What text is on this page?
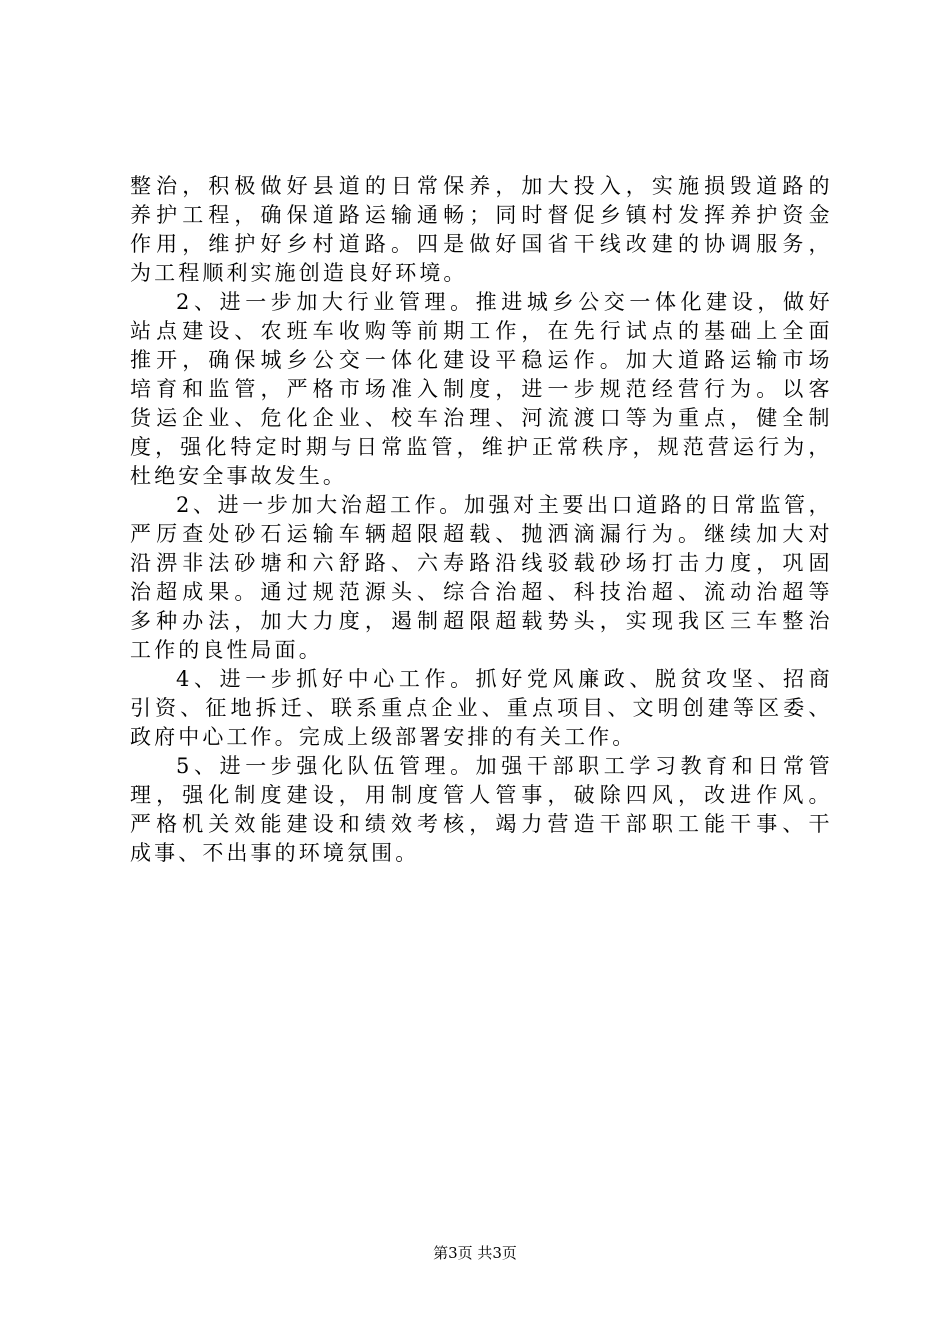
整 治 ， 积 极 做 好 县 道 的 日 常 保 养 ， 加 大 投 入 ， 实 施 损 毁 道 路 的
养 护 工 程 ， 确 保 道 路 运 输 通 畅 ； 同 时 督 促 乡 镇 村 发 挥 养 护 资 金
作 用 ， 维 护 好 乡 村 道 路 。 四 是 做 好 国 省 干 线 改 建 的 协 调 服 务 ，
为 工 程 顺 利 实 施 创 造 良 好 环 境 。
2 、 进 一 步 加 大 行 业 管 理 。 推 进 城 乡 公 交 一 体 化 建 设 ， 做 好
站 点 建 设 、 农 班 车 收 购 等 前 期 工 作 ， 在 先 行 试 点 的 基 础 上 全 面
推 开 ， 确 保 城 乡 公 交 一 体 化 建 设 平 稳 运 作 。 加 大 道 路 运 输 市 场
培 育 和 监 管 ， 严 格 市 场 准 入 制 度 ， 进 一 步 规 范 经 营 行 为 。 以 客
货 运 企 业 、 危 化 企 业 、 校 车 治 理 、 河 流 渡 口 等 为 重 点 ， 健 全 制
度 ， 强 化 特 定 时 期 与 日 常 监 管 ， 维 护 正 常 秩 序 ， 规 范 营 运 行 为 ，
杜 绝 安 全 事 故 发 生 。
2 、 进 一 步 加 大 治 超 工 作 。 加 强 对 主 要 出 口 道 路 的 日 常 监 管 ，
严 厉 查 处 砂 石 运 输 车 辆 超 限 超 载 、 抛 洒 滴 漏 行 为 。 继 续 加 大 对
沿 淠 非 法 砂 塘 和 六 舒 路 、 六 寿 路 沿 线 驳 载 砂 场 打 击 力 度 ， 巩 固
治 超 成 果 。 通 过 规 范 源 头 、 综 合 治 超 、 科 技 治 超 、 流 动 治 超 等
多 种 办 法 ， 加 大 力 度 ， 遏 制 超 限 超 载 势 头 ， 实 现 我 区 三 车 整 治
工 作 的 良 性 局 面 。
4 、 进 一 步 抓 好 中 心 工 作 。 抓 好 党 风 廉 政 、 脱 贫 攻 坚 、 招 商
引 资 、 征 地 拆 迁 、 联 系 重 点 企 业 、 重 点 项 目 、 文 明 创 建 等 区 委 、
政 府 中 心 工 作 。 完 成 上 级 部 署 安 排 的 有 关 工 作 。
5 、 进 一 步 强 化 队 伍 管 理 。 加 强 干 部 职 工 学 习 教 育 和 日 常 管
理 ， 强 化 制 度 建 设 ， 用 制 度 管 人 管 事 ， 破 除 四 风 ， 改 进 作 风 。
严 格 机 关 效 能 建 设 和 绩 效 考 核 ， 竭 力 营 造 干 部 职 工 能 干 事 、 干
成 事 、 不 出 事 的 环 境 氛 围 。
第3页 共3页
